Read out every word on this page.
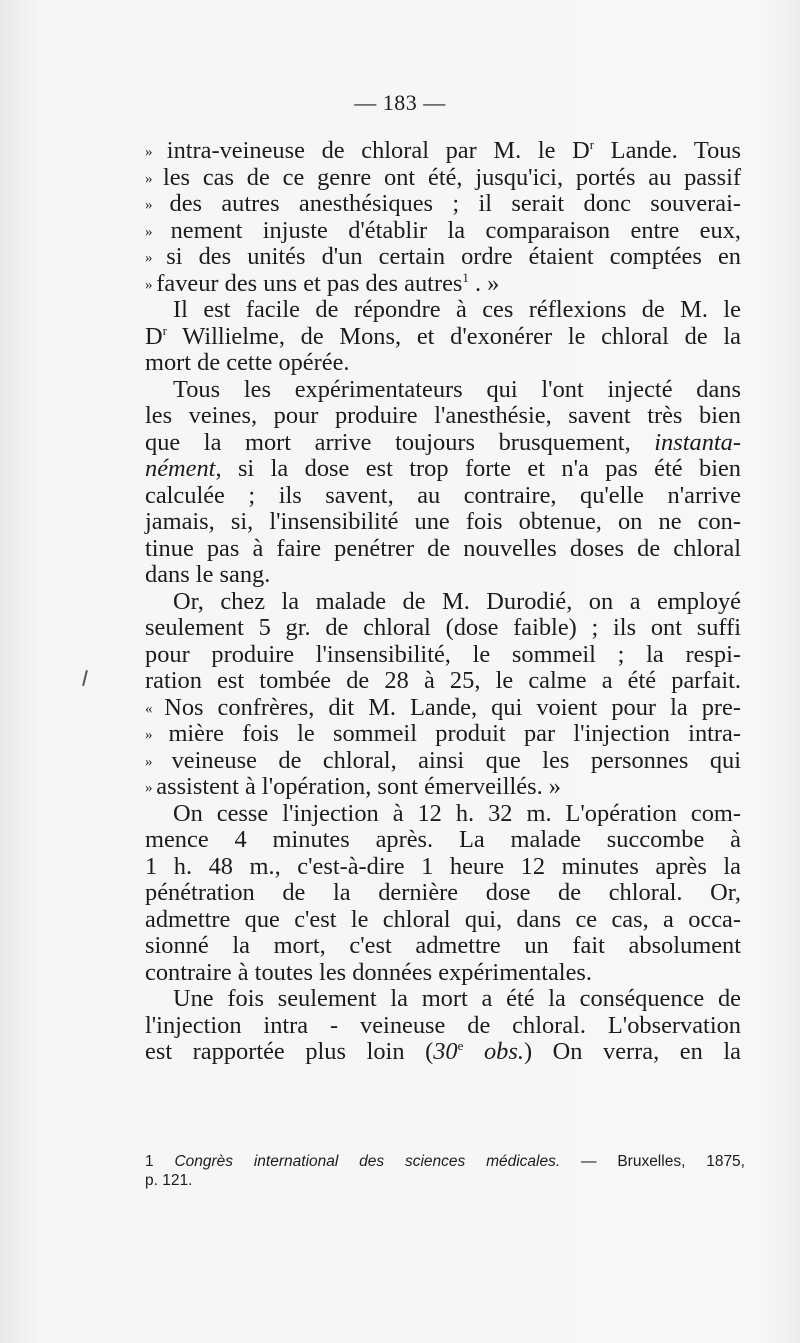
— 183 —
» intra-veineuse de chloral par M. le $D^r$ Lande. Tous
» les cas de ce genre ont été, jusqu'ici, portés au passif
» des autres anesthésiques ; il serait donc souverai-
» nement injuste d'établir la comparaison entre eux,
» si des unités d'un certain ordre étaient comptées en
» faveur des uns et pas des autres$^1$ . »
Il est facile de répondre à ces réflexions de M. le
$D^r$ Willielme, de Mons, et d'exonérer le chloral de la
mort de cette opérée.
Tous les expérimentateurs qui l'ont injecté dans
les veines, pour produire l'anesthésie, savent très bien
que la mort arrive toujours brusquement, instanta-
nément, si la dose est trop forte et n'a pas été bien
calculée ; ils savent, au contraire, qu'elle n'arrive
jamais, si, l'insensibilité une fois obtenue, on ne con-
tinue pas à faire penétrer de nouvelles doses de chloral
dans le sang.
Or, chez la malade de M. Durodié, on a employé
seulement 5 gr. de chloral (dose faible) ; ils ont suffi
pour produire l'insensibilité, le sommeil ; la respi-
ration est tombée de 28 à 25, le calme a été parfait.
« Nos confrères, dit M. Lande, qui voient pour la pre-
» mière fois le sommeil produit par l'injection intra-
» veineuse de chloral, ainsi que les personnes qui
» assistent à l'opération, sont émerveillés. »
On cesse l'injection à 12 h. 32 m. L'opération com-
mence 4 minutes après. La malade succombe à
1 h. 48 m., c'est-à-dire 1 heure 12 minutes après la
pénétration de la dernière dose de chloral. Or,
admettre que c'est le chloral qui, dans ce cas, a occa-
sionné la mort, c'est admettre un fait absolument
contraire à toutes les données expérimentales.
Une fois seulement la mort a été la conséquence de
l'injection intra - veineuse de chloral. L'observation
est rapportée plus loin (30e obs.) On verra, en la
1 Congrès international des sciences médicales. — Bruxelles, 1875,
p. 121.
